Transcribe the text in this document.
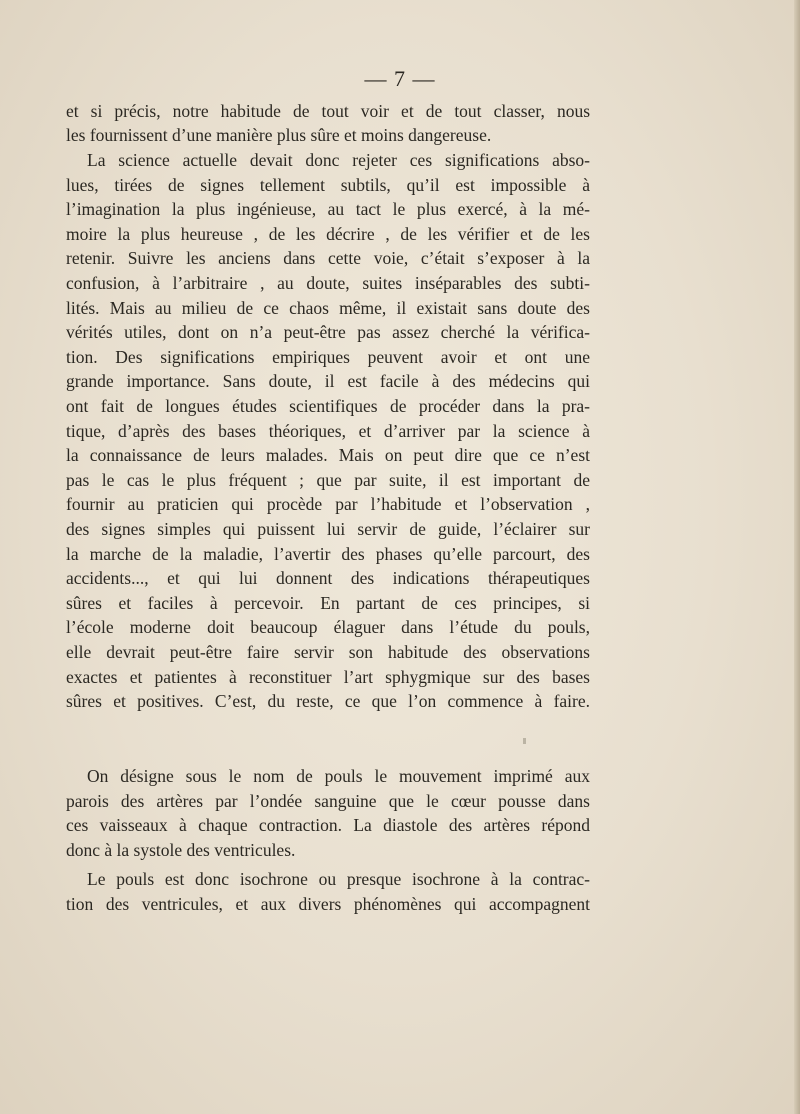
— 7 —
et si précis, notre habitude de tout voir et de tout classer, nous
les fournissent d’une manière plus sûre et moins dangereuse.
La science actuelle devait donc rejeter ces significations abso-
lues, tirées de signes tellement subtils, qu’il est impossible à
l’imagination la plus ingénieuse, au tact le plus exercé, à la mé-
moire la plus heureuse , de les décrire , de les vérifier et de les
retenir. Suivre les anciens dans cette voie, c’était s’exposer à la
confusion, à l’arbitraire , au doute, suites inséparables des subti-
lités. Mais au milieu de ce chaos même, il existait sans doute des
vérités utiles, dont on n’a peut-être pas assez cherché la vérifica-
tion. Des significations empiriques peuvent avoir et ont une
grande importance. Sans doute, il est facile à des médecins qui
ont fait de longues études scientifiques de procéder dans la pra-
tique, d’après des bases théoriques, et d’arriver par la science à
la connaissance de leurs malades. Mais on peut dire que ce n’est
pas le cas le plus fréquent ; que par suite, il est important de
fournir au praticien qui procède par l’habitude et l’observation ,
des signes simples qui puissent lui servir de guide, l’éclairer sur
la marche de la maladie, l’avertir des phases qu’elle parcourt, des
accidents..., et qui lui donnent des indications thérapeutiques
sûres et faciles à percevoir. En partant de ces principes, si
l’école moderne doit beaucoup élaguer dans l’étude du pouls,
elle devrait peut-être faire servir son habitude des observations
exactes et patientes à reconstituer l’art sphygmique sur des bases
sûres et positives. C’est, du reste, ce que l’on commence à faire.
On désigne sous le nom de pouls le mouvement imprimé aux
parois des artères par l’ondée sanguine que le cœur pousse dans
ces vaisseaux à chaque contraction. La diastole des artères répond
donc à la systole des ventricules.
Le pouls est donc isochrone ou presque isochrone à la contrac-
tion des ventricules, et aux divers phénomènes qui accompagnent
